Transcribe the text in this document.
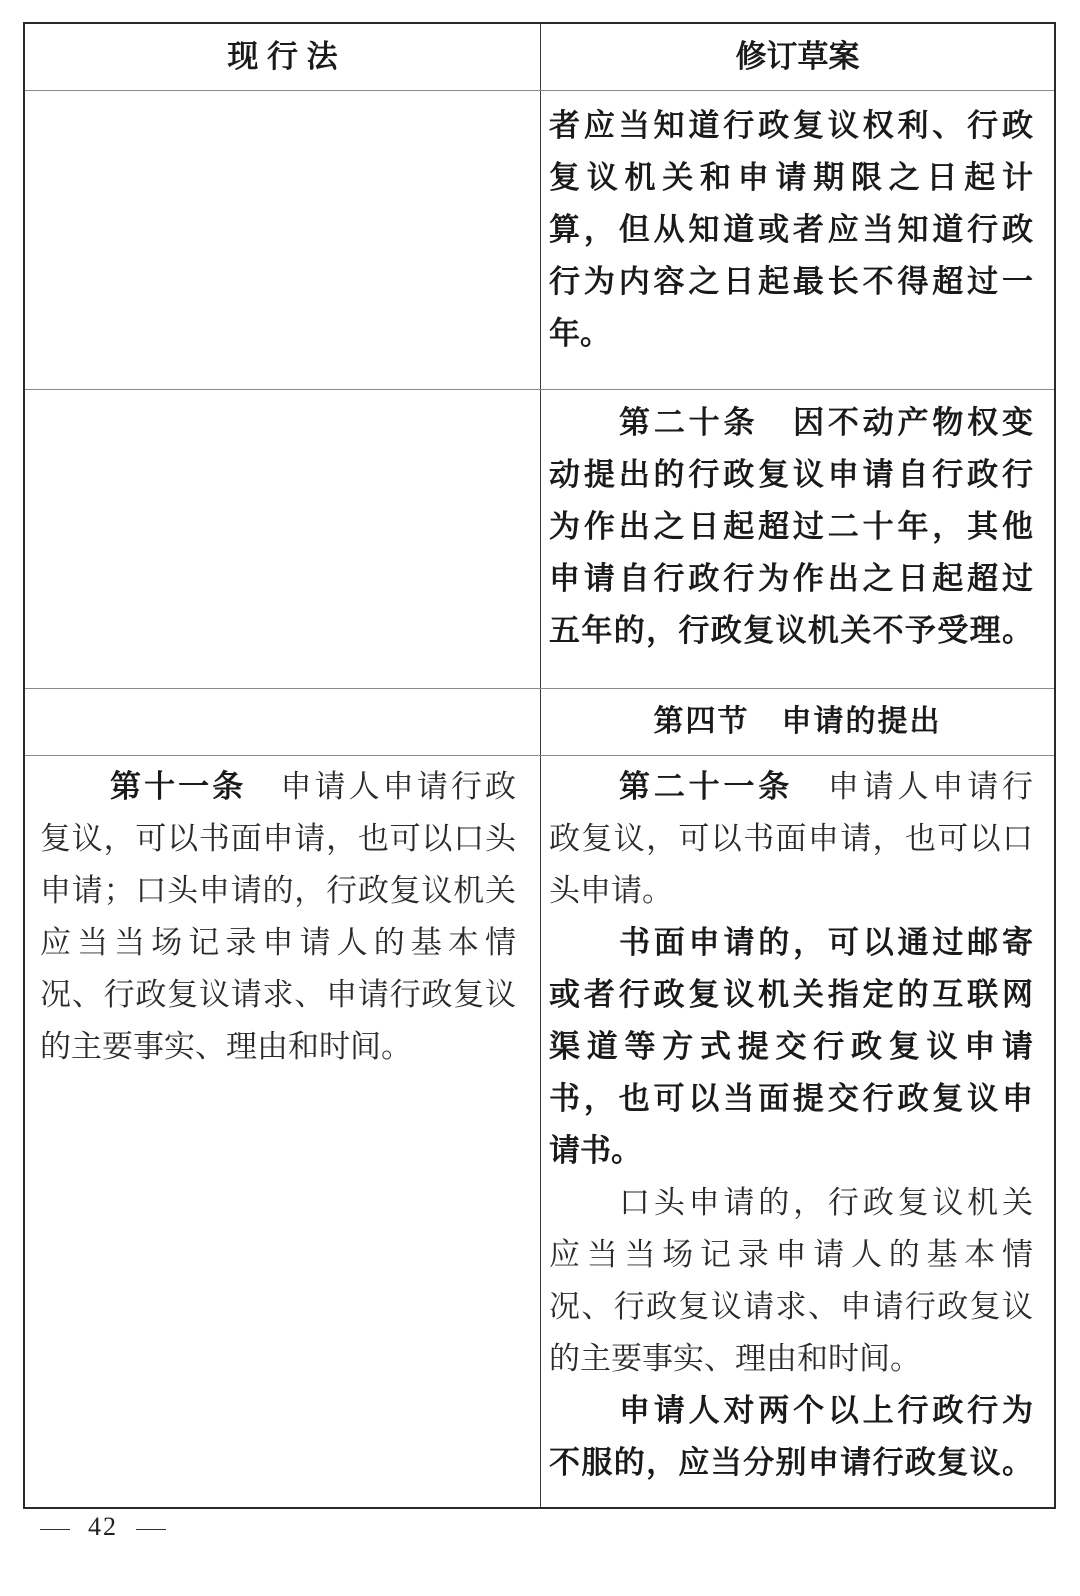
现 行 法	修订草案
者应当知道行政复议权利、行政
复议机关和申请期限之日起计
算，但从知道或者应当知道行政
行为内容之日起最长不得超过一
年。
第二十条　因不动产物权变
动提出的行政复议申请自行政行
为作出之日起超过二十年，其他
申请自行政行为作出之日起超过
五年的，行政复议机关不予受理。
第四节　申请的提出
第十一条　申请人申请行政
复议，可以书面申请，也可以口头
申请；口头申请的，行政复议机关
应当当场记录申请人的基本情
况、行政复议请求、申请行政复议
的主要事实、理由和时间。
第二十一条　申请人申请行
政复议，可以书面申请，也可以口
头申请。
书面申请的，可以通过邮寄
或者行政复议机关指定的互联网
渠道等方式提交行政复议申请
书，也可以当面提交行政复议申
请书。
口头申请的，行政复议机关
应当当场记录申请人的基本情
况、行政复议请求、申请行政复议
的主要事实、理由和时间。
申请人对两个以上行政行为
不服的，应当分别申请行政复议。
42
